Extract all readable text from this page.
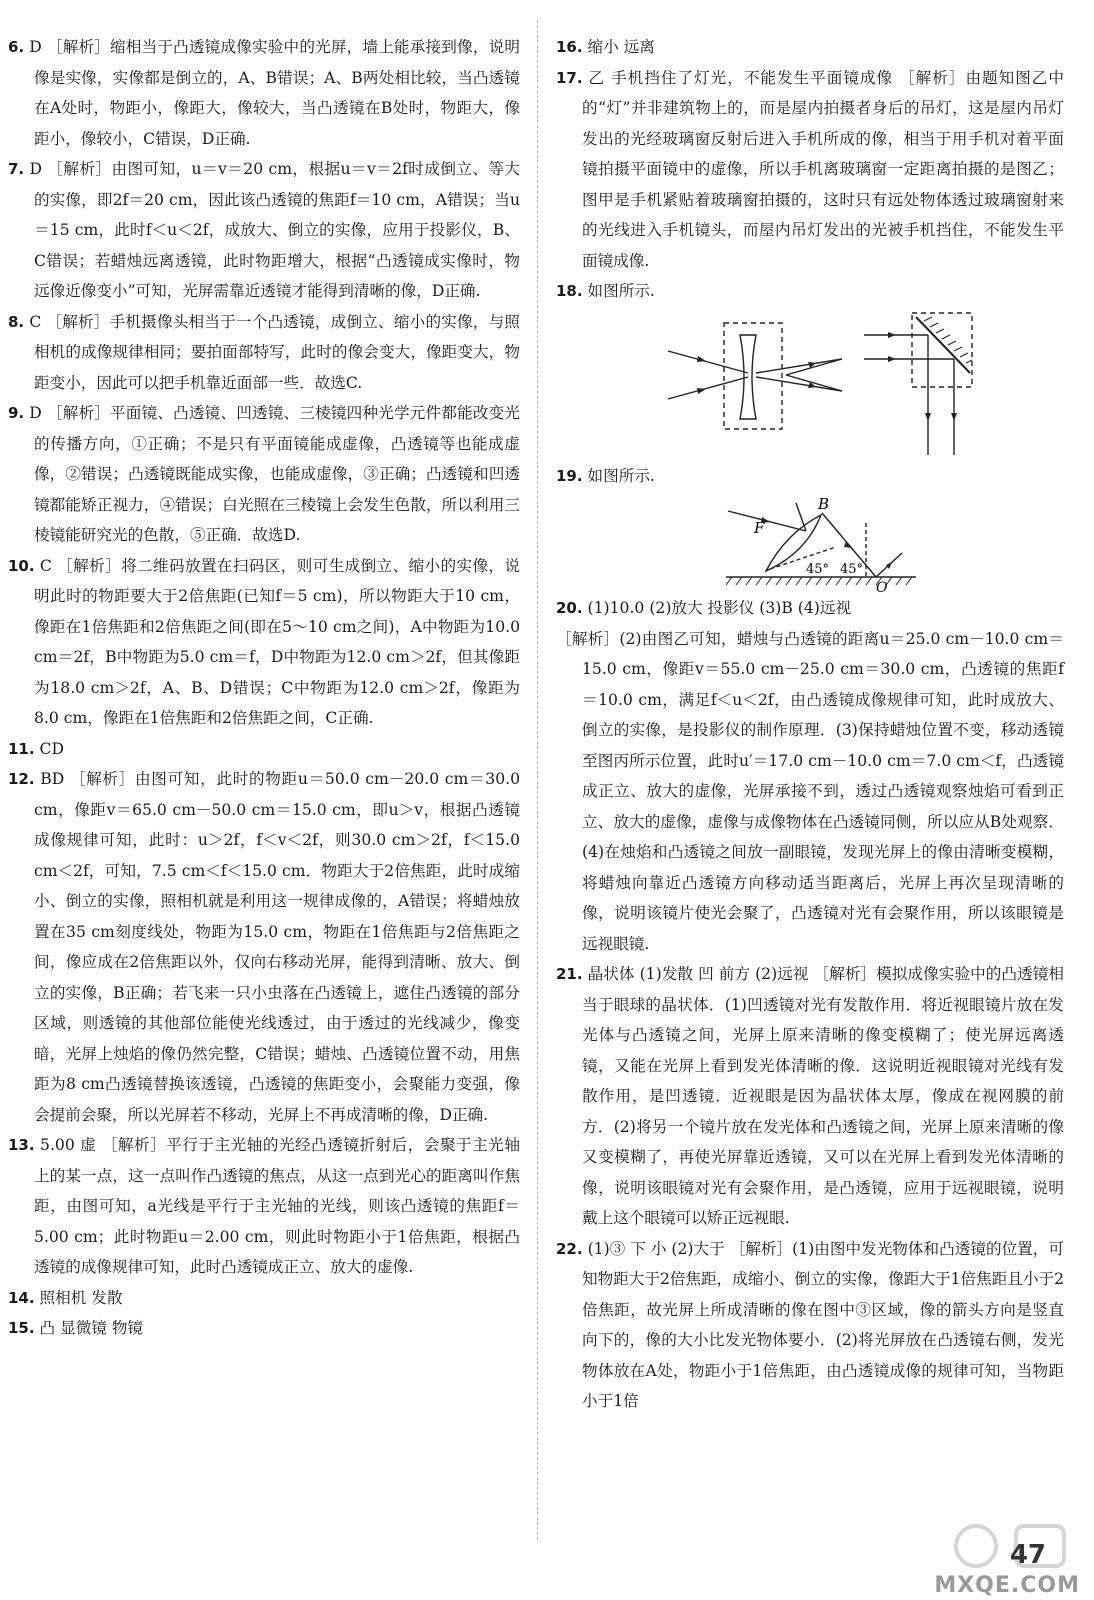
6. D ［解析］缩相当于凸透镜成像实验中的光屏，墙上能承接到像，说明像是实像，实像都是倒立的，A、B错误；A、B两处相比较，当凸透镜在A处时，物距小，像距大，像较大，当凸透镜在B处时，物距大，像距小，像较小，C错误，D正确.
7. D ［解析］由图可知，u＝v＝20 cm，根据u＝v＝2f时成倒立、等大的实像，即2f＝20 cm，因此该凸透镜的焦距f＝10 cm，A错误；当u＝15 cm，此时f＜u＜2f，成放大、倒立的实像，应用于投影仪，B、C错误；若蜡烛远离透镜，此时物距增大，根据“凸透镜成实像时，物远像近像变小”可知，光屏需靠近透镜才能得到清晰的像，D正确.
8. C ［解析］手机摄像头相当于一个凸透镜，成倒立、缩小的实像，与照相机的成像规律相同；要拍面部特写，此时的像会变大，像距变大，物距变小，因此可以把手机靠近面部一些．故选C.
9. D ［解析］平面镜、凸透镜、凹透镜、三棱镜四种光学元件都能改变光的传播方向，①正确；不是只有平面镜能成虚像，凸透镜等也能成虚像，②错误；凸透镜既能成实像，也能成虚像，③正确；凸透镜和凹透镜都能矫正视力，④错误；白光照在三棱镜上会发生色散，所以利用三棱镜能研究光的色散，⑤正确．故选D.
10. C ［解析］将二维码放置在扫码区，则可生成倒立、缩小的实像，说明此时的物距要大于2倍焦距(已知f＝5 cm)，所以物距大于10 cm，像距在1倍焦距和2倍焦距之间(即在5～10 cm之间)，A中物距为10.0 cm＝2f，B中物距为5.0 cm＝f，D中物距为12.0 cm＞2f，但其像距为18.0 cm＞2f，A、B、D错误；C中物距为12.0 cm＞2f，像距为8.0 cm，像距在1倍焦距和2倍焦距之间，C正确.
11. CD
12. BD ［解析］由图可知，此时的物距u＝50.0 cm－20.0 cm＝30.0 cm，像距v＝65.0 cm－50.0 cm＝15.0 cm，即u＞v，根据凸透镜成像规律可知，此时：u＞2f，f＜v＜2f，则30.0 cm＞2f，f＜15.0 cm＜2f，可知，7.5 cm＜f＜15.0 cm．物距大于2倍焦距，此时成缩小、倒立的实像，照相机就是利用这一规律成像的，A错误；将蜡烛放置在35 cm刻度线处，物距为15.0 cm，物距在1倍焦距与2倍焦距之间，像应成在2倍焦距以外，仅向右移动光屏，能得到清晰、放大、倒立的实像，B正确；若飞来一只小虫落在凸透镜上，遮住凸透镜的部分区域，则透镜的其他部位能使光线透过，由于透过的光线减少，像变暗，光屏上烛焰的像仍然完整，C错误；蜡烛、凸透镜位置不动，用焦距为8 cm凸透镜替换该透镜，凸透镜的焦距变小，会聚能力变强，像会提前会聚，所以光屏若不移动，光屏上不再成清晰的像，D正确.
13. 5.00 虚 ［解析］平行于主光轴的光经凸透镜折射后，会聚于主光轴上的某一点，这一点叫作凸透镜的焦点，从这一点到光心的距离叫作焦距，由图可知，a光线是平行于主光轴的光线，则该凸透镜的焦距f＝5.00 cm；此时物距u＝2.00 cm，则此时物距小于1倍焦距，根据凸透镜的成像规律可知，此时凸透镜成正立、放大的虚像.
14. 照相机 发散
15. 凸 显微镜 物镜
16. 缩小 远离
17. 乙 手机挡住了灯光，不能发生平面镜成像 ［解析］由题知图乙中的“灯”并非建筑物上的，而是屋内拍摄者身后的吊灯，这是屋内吊灯发出的光经玻璃窗反射后进入手机所成的像，相当于用手机对着平面镜拍摄平面镜中的虚像，所以手机离玻璃窗一定距离拍摄的是图乙；图甲是手机紧贴着玻璃窗拍摄的，这时只有远处物体透过玻璃窗射来的光线进入手机镜头，而屋内吊灯发出的光被手机挡住，不能发生平面镜成像.
18. 如图所示.
19. 如图所示.
B
F
O
45° 45°
20. (1)10.0 (2)放大 投影仪 (3)B (4)远视
［解析］(2)由图乙可知，蜡烛与凸透镜的距离u＝25.0 cm－10.0 cm＝15.0 cm，像距v＝55.0 cm－25.0 cm＝30.0 cm，凸透镜的焦距f＝10.0 cm，满足f＜u＜2f，由凸透镜成像规律可知，此时成放大、倒立的实像，是投影仪的制作原理．(3)保持蜡烛位置不变，移动透镜至图丙所示位置，此时u′＝17.0 cm－10.0 cm＝7.0 cm＜f，凸透镜成正立、放大的虚像，光屏承接不到，透过凸透镜观察烛焰可看到正立、放大的虚像，虚像与成像物体在凸透镜同侧，所以应从B处观察．(4)在烛焰和凸透镜之间放一副眼镜，发现光屏上的像由清晰变模糊，将蜡烛向靠近凸透镜方向移动适当距离后，光屏上再次呈现清晰的像，说明该镜片使光会聚了，凸透镜对光有会聚作用，所以该眼镜是远视眼镜.
21. 晶状体 (1)发散 凹 前方 (2)远视 ［解析］模拟成像实验中的凸透镜相当于眼球的晶状体．(1)凹透镜对光有发散作用．将近视眼镜片放在发光体与凸透镜之间，光屏上原来清晰的像变模糊了；使光屏远离透镜，又能在光屏上看到发光体清晰的像．这说明近视眼镜对光线有发散作用，是凹透镜．近视眼是因为晶状体太厚，像成在视网膜的前方．(2)将另一个镜片放在发光体和凸透镜之间，光屏上原来清晰的像又变模糊了，再使光屏靠近透镜，又可以在光屏上看到发光体清晰的像，说明该眼镜对光有会聚作用，是凸透镜，应用于远视眼镜，说明戴上这个眼镜可以矫正远视眼.
22. (1)③ 下 小 (2)大于 ［解析］(1)由图中发光物体和凸透镜的位置，可知物距大于2倍焦距，成缩小、倒立的实像，像距大于1倍焦距且小于2倍焦距，故光屏上所成清晰的像在图中③区域，像的箭头方向是竖直向下的，像的大小比发光物体要小．(2)将光屏放在凸透镜右侧，发光物体放在A处，物距小于1倍焦距，由凸透镜成像的规律可知，当物距小于1倍
MXQE.COM
47
